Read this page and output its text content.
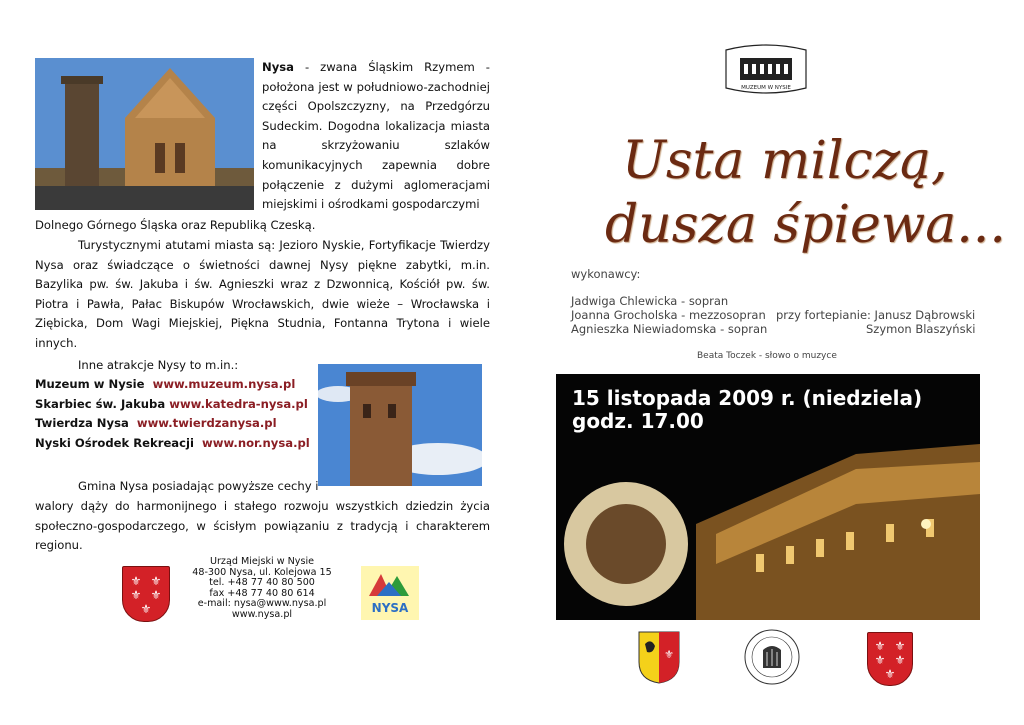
Nysa - zwana Śląskim Rzymem - położona jest w południowo-zachodniej części Opolszczyzny, na Przedgórzu Sudeckim. Dogodna lokalizacja miasta na skrzyżowaniu szlaków komunikacyjnych zapewnia dobre połączenie z dużymi aglomeracjami miejskimi i ośrodkami gospodarczymi
Dolnego Górnego Śląska oraz Republiką Czeską.
Turystycznymi atutami miasta są: Jezioro Nyskie, Fortyfikacje Twierdzy Nysa oraz świadczące o świetności dawnej Nysy piękne zabytki, m.in. Bazylika pw. św. Jakuba i św. Agnieszki wraz z Dzwonnicą, Kościół pw. św. Piotra i Pawła, Pałac Biskupów Wrocławskich, dwie wieże – Wrocławska i Ziębicka, Dom Wagi Miejskiej, Piękna Studnia, Fontanna Trytona i wiele innych.
Inne atrakcje Nysy to m.in.:
Muzeum w Nysie www.muzeum.nysa.pl
Skarbiec św. Jakuba www.katedra-nysa.pl
Twierdza Nysa www.twierdzanysa.pl
Nyski Ośrodek Rekreacji www.nor.nysa.pl
Gmina Nysa posiadając powyższe cechy i
walory dąży do harmonijnego i stałego rozwoju wszystkich dziedzin życia społeczno-gospodarczego, w ścisłym powiązaniu z tradycją i charakterem regionu.
⚜ ⚜
⚜ ⚜
⚜
Urząd Miejski w Nysie
48-300 Nysa, ul. Kolejowa 15
tel. +48 77 40 80 500
fax +48 77 40 80 614
e-mail: nysa@www.nysa.pl
www.nysa.pl	NYSA
MUZEUM W NYSIE
Usta milczą,
dusza śpiewa...
wykonawcy:
Jadwiga Chlewicka - sopran
Joanna Grocholska - mezzosopran
Agnieszka Niewiadomska - sopran
przy fortepianie: Janusz Dąbrowski
Szymon Blaszyński
Beata Toczek - słowo o muzyce
15 listopada 2009 r. (niedziela)
godz. 17.00
⚜
⚜ ⚜
⚜ ⚜
⚜
